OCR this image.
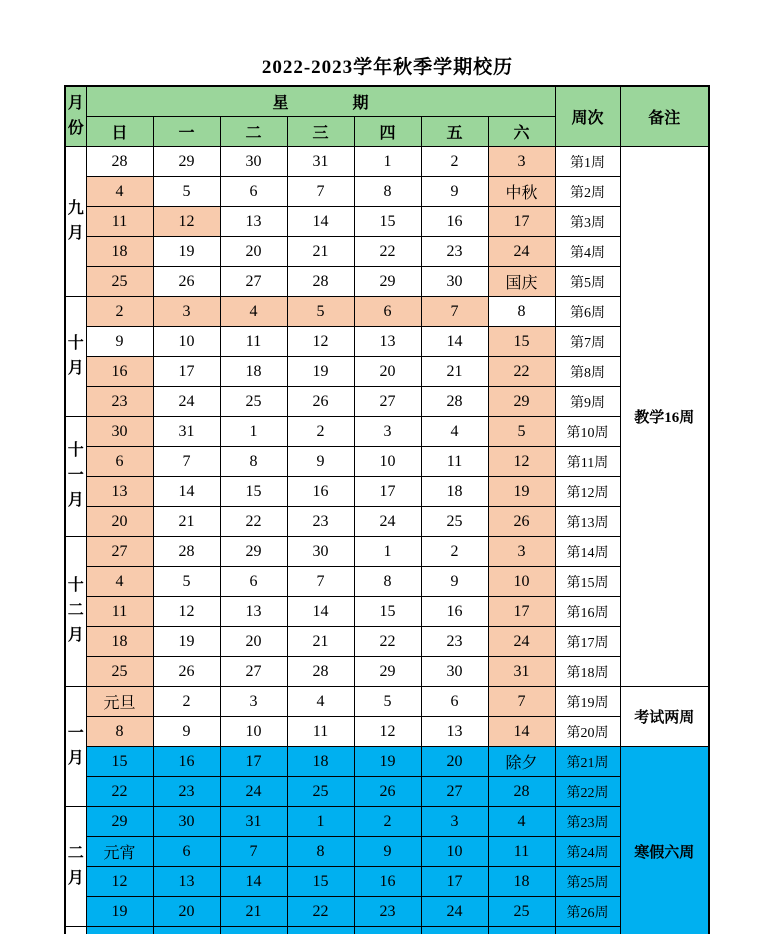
2022-2023学年秋季学期校历
月份	星期							周次	备注
	日	一	二	三	四	五	六		
九月	28	29	30	31	1	2	3	第1周	教学16周
	4	5	6	7	8	9	中秋	第2周	
	11	12	13	14	15	16	17	第3周	
	18	19	20	21	22	23	24	第4周	
	25	26	27	28	29	30	国庆	第5周	
十月	2	3	4	5	6	7	8	第6周	
	9	10	11	12	13	14	15	第7周	
	16	17	18	19	20	21	22	第8周	
	23	24	25	26	27	28	29	第9周	
十一月	30	31	1	2	3	4	5	第10周	
	6	7	8	9	10	11	12	第11周	
	13	14	15	16	17	18	19	第12周	
	20	21	22	23	24	25	26	第13周	
十二月	27	28	29	30	1	2	3	第14周	
	4	5	6	7	8	9	10	第15周	
	11	12	13	14	15	16	17	第16周	
	18	19	20	21	22	23	24	第17周	
	25	26	27	28	29	30	31	第18周	
一月	元旦	2	3	4	5	6	7	第19周	考试两周
	8	9	10	11	12	13	14	第20周	
	15	16	17	18	19	20	除夕	第21周	寒假六周
	22	23	24	25	26	27	28	第22周	
二月	29	30	31	1	2	3	4	第23周	
	元宵	6	7	8	9	10	11	第24周	
	12	13	14	15	16	17	18	第25周	
	19	20	21	22	23	24	25	第26周	
